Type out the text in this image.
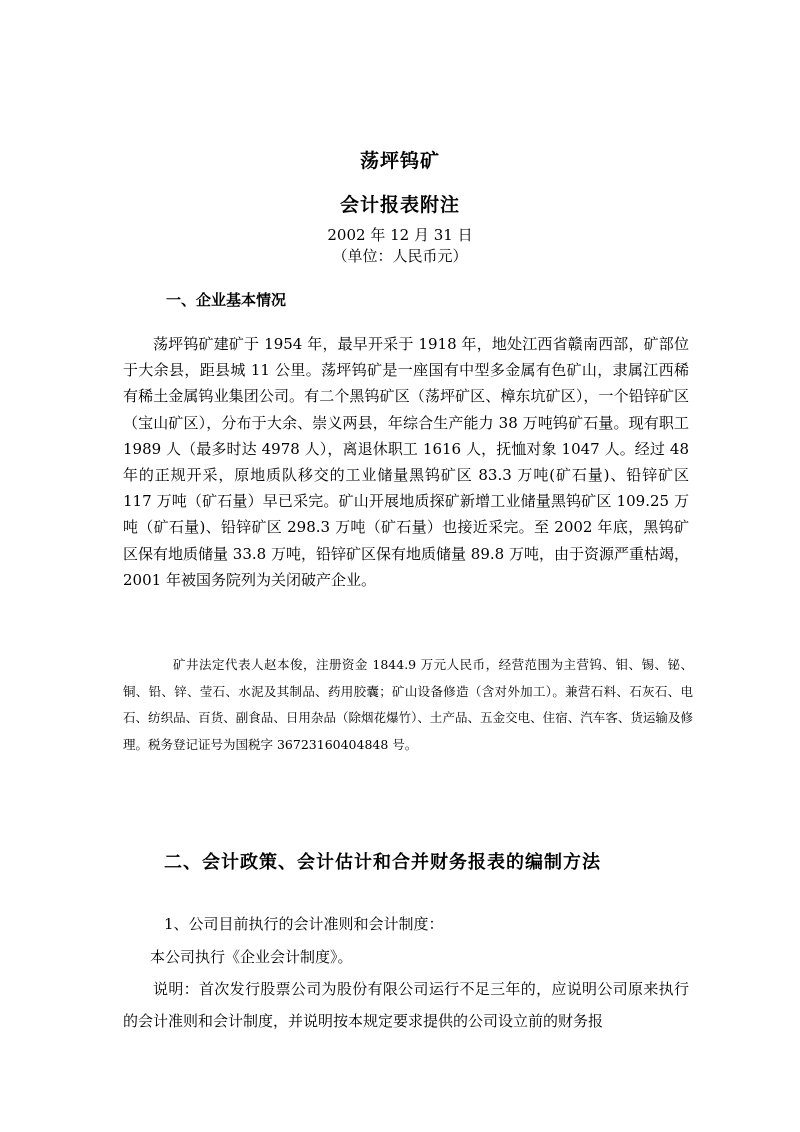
荡坪钨矿
会计报表附注
2002 年 12 月 31 日
（单位：人民币元）
一、企业基本情况

荡坪钨矿建矿于 1954 年，最早开采于 1918 年，地处江西省赣南西部，矿部位于大余县，距县城 11 公里。荡坪钨矿是一座国有中型多金属有色矿山，隶属江西稀有稀土金属钨业集团公司。有二个黑钨矿区（荡坪矿区、樟东坑矿区），一个铅锌矿区（宝山矿区），分布于大余、崇义两县，年综合生产能力 38 万吨钨矿石量。现有职工 1989 人（最多时达 4978 人），离退休职工 1616 人，抚恤对象 1047 人。经过 48 年的正规开采，原地质队移交的工业储量黑钨矿区 83.3 万吨(矿石量)、铅锌矿区 117 万吨（矿石量）早已采完。矿山开展地质探矿新增工业储量黑钨矿区 109.25 万吨（矿石量)、铅锌矿区 298.3 万吨（矿石量）也接近采完。至 2002 年底，黑钨矿区保有地质储量 33.8 万吨，铅锌矿区保有地质储量 89.8 万吨，由于资源严重枯竭，2001 年被国务院列为关闭破产企业。

矿井法定代表人赵本俊，注册资金 1844.9 万元人民币，经营范围为主营钨、钼、锡、铋、铜、铅、锌、莹石、水泥及其制品、药用胶囊；矿山设备修造（含对外加工）。兼营石料、石灰石、电石、纺织品、百货、副食品、日用杂品（除烟花爆竹）、土产品、五金交电、住宿、汽车客、货运输及修理。税务登记证号为国税字 36723160404848 号。

二、会计政策、会计估计和合并财务报表的编制方法
1、公司目前执行的会计准则和会计制度：
本公司执行《企业会计制度》。

说明：首次发行股票公司为股份有限公司运行不足三年的，应说明公司原来执行的会计准则和会计制度，并说明按本规定要求提供的公司设立前的财务报
